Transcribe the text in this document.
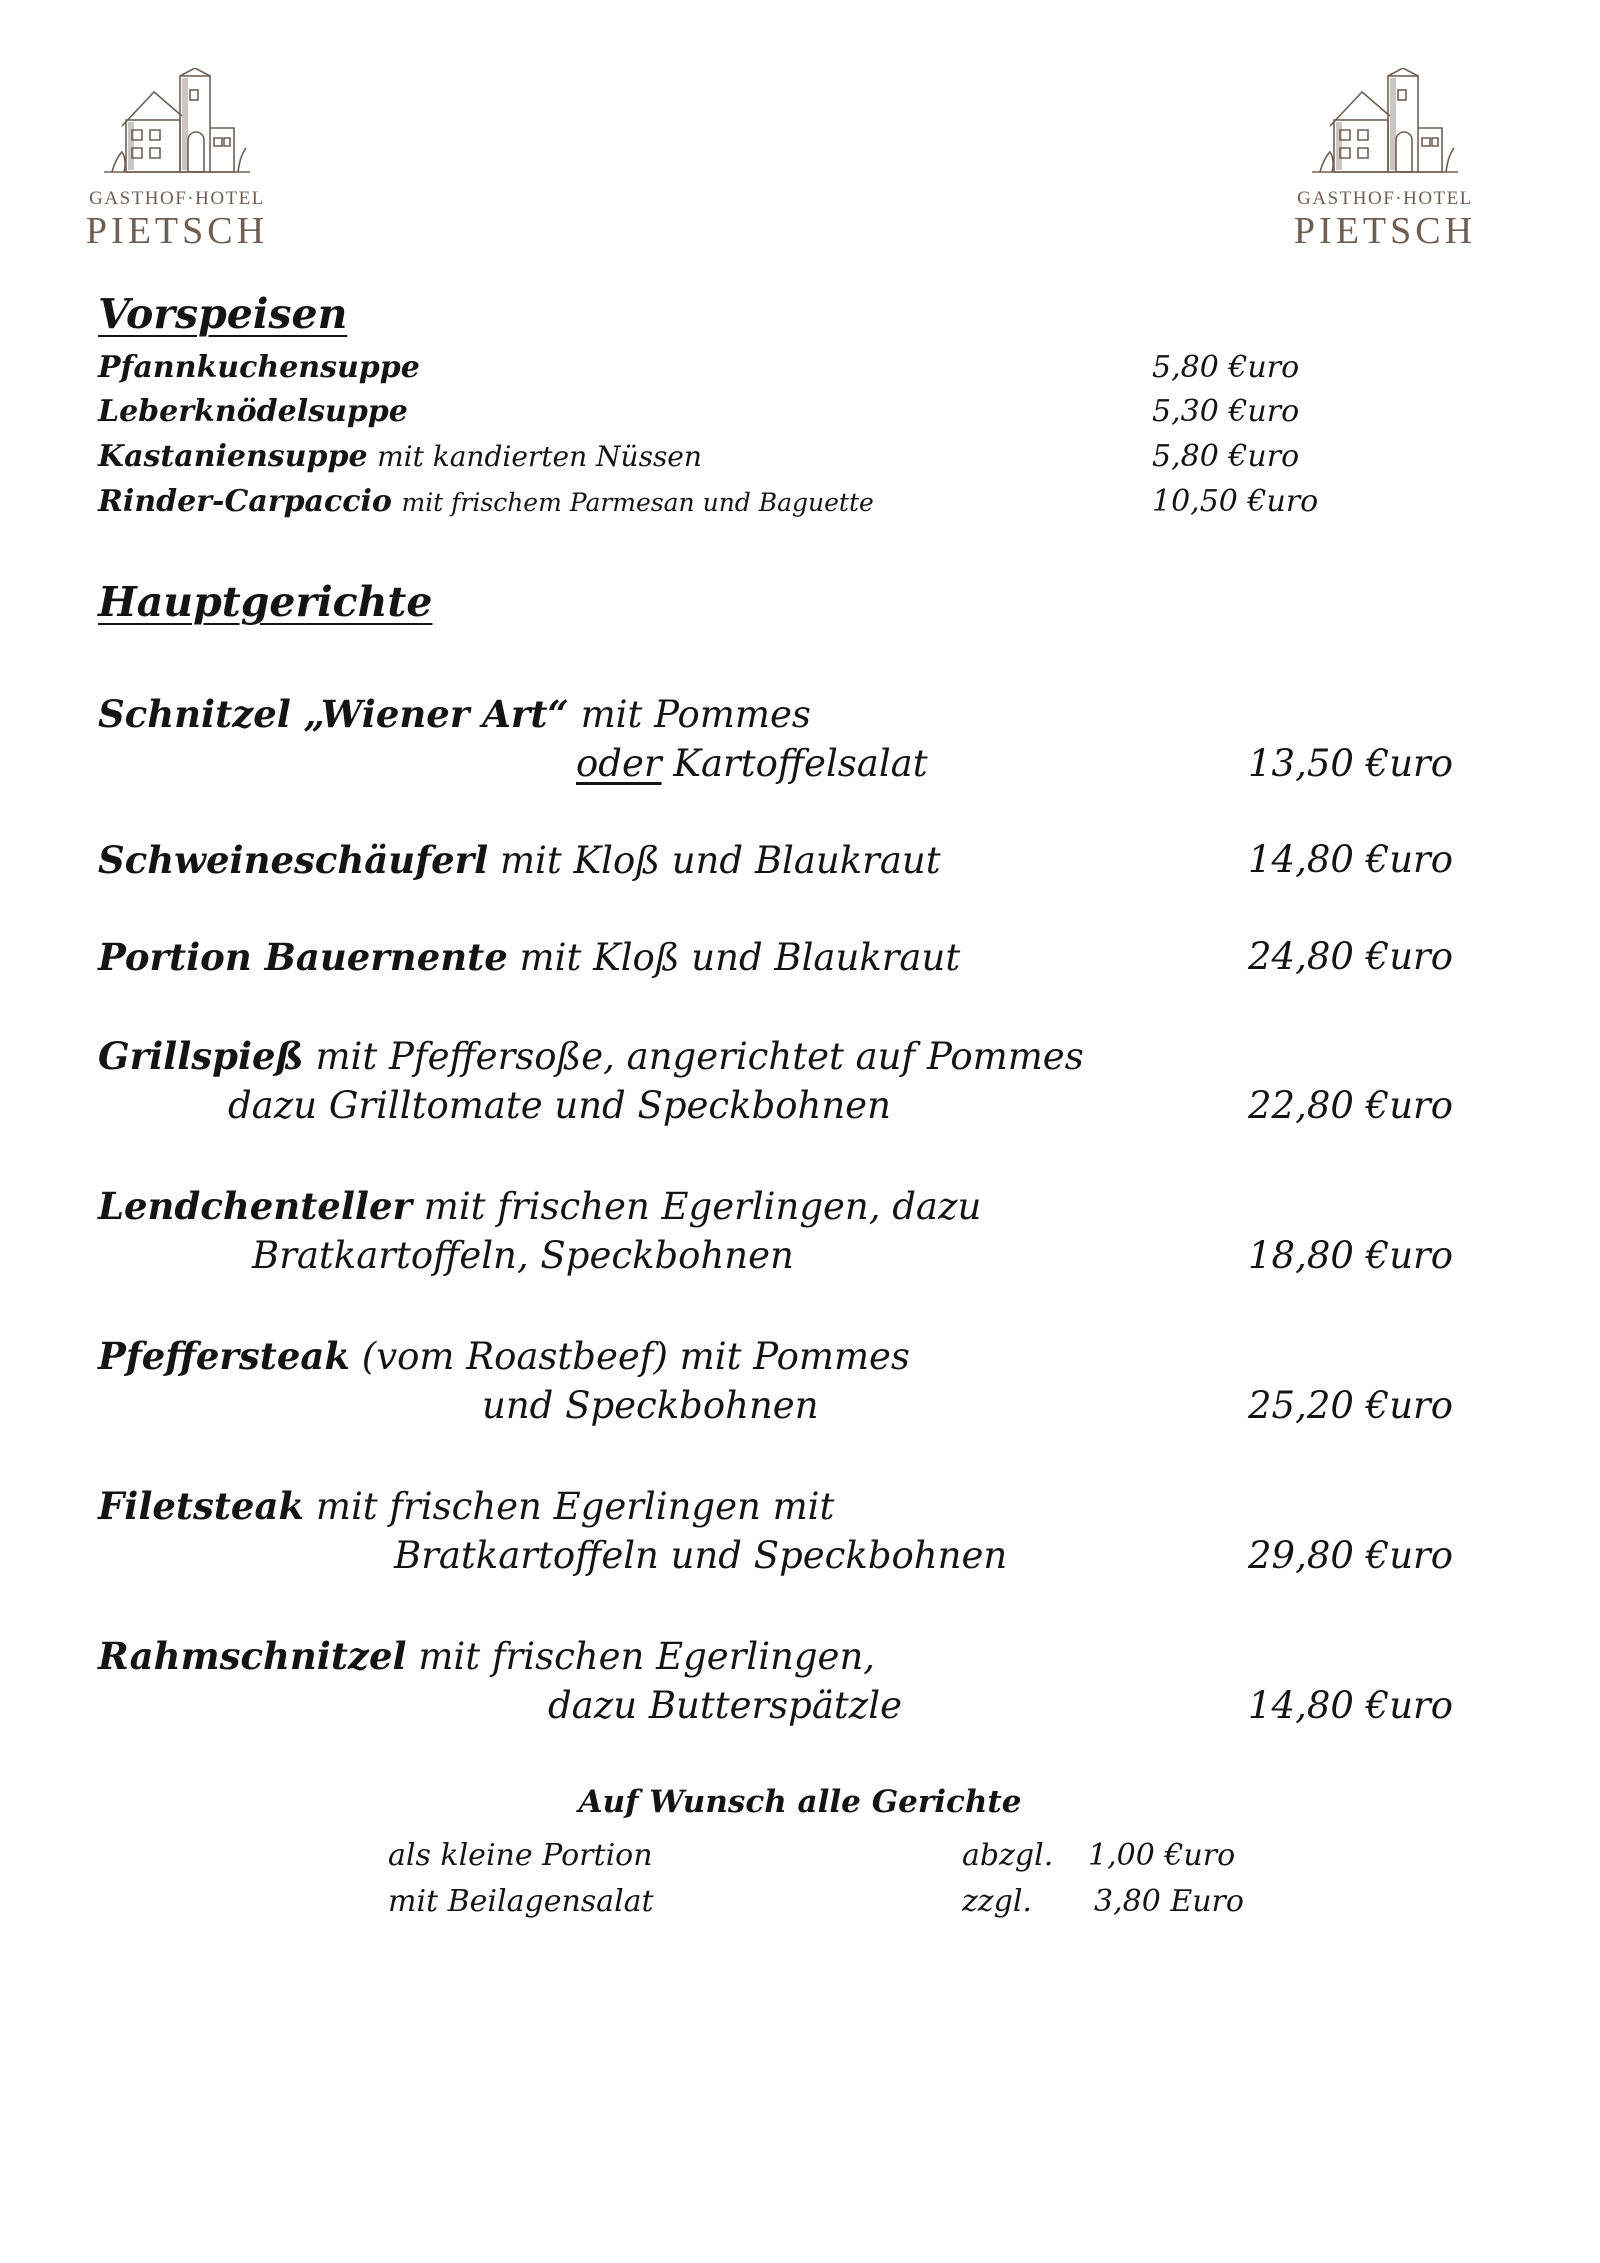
GASTHOF·HOTEL
PIETSCH
GASTHOF·HOTEL
PIETSCH
Vorspeisen
Pfannkuchensuppe	5,80 €uro
Leberknödelsuppe	5,30 €uro
Kastaniensuppe mit kandierten Nüssen	5,80 €uro
Rinder-Carpaccio mit frischem Parmesan und Baguette	10,50 €uro
Hauptgerichte
Schnitzel „Wiener Art“ mit Pommes
oder Kartoffelsalat	13,50 €uro
Schweineschäuferl mit Kloß und Blaukraut	14,80 €uro
Portion Bauernente mit Kloß und Blaukraut	24,80 €uro
Grillspieß mit Pfeffersoße, angerichtet auf Pommes
dazu Grilltomate und Speckbohnen	22,80 €uro
Lendchenteller mit frischen Egerlingen, dazu
Bratkartoffeln, Speckbohnen	18,80 €uro
Pfeffersteak (vom Roastbeef) mit Pommes
und Speckbohnen	25,20 €uro
Filetsteak mit frischen Egerlingen mit
Bratkartoffeln und Speckbohnen	29,80 €uro
Rahmschnitzel mit frischen Egerlingen,
dazu Butterspätzle	14,80 €uro
Auf Wunsch alle Gerichte
als kleine Portion	abzgl. 1,00 €uro
mit Beilagensalat	zzgl. 3,80 Euro
